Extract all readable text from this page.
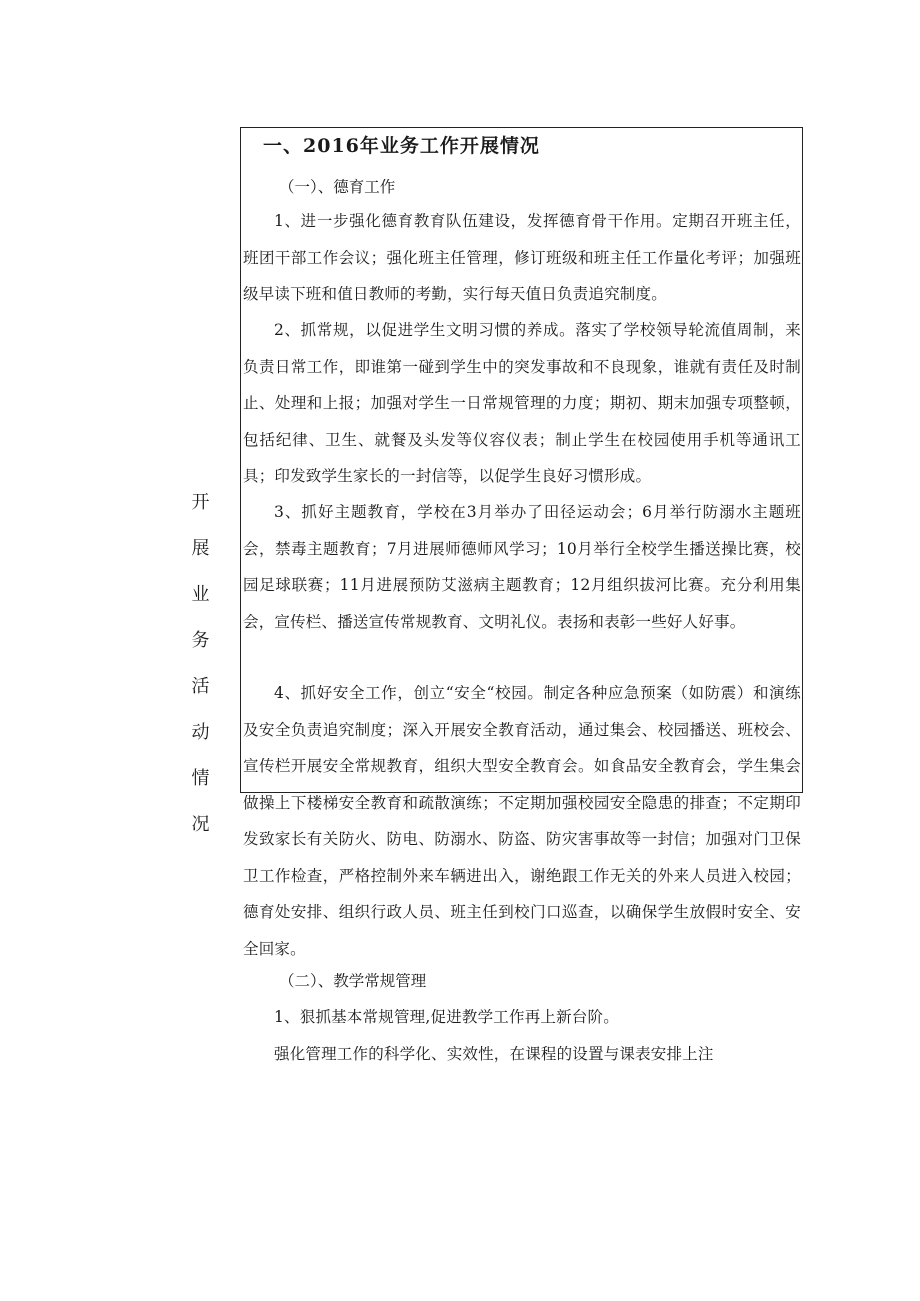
开
展
业
务
活
动
情
况
一、2016年业务工作开展情况
（一）、德育工作
1、进一步强化德育教育队伍建设，发挥德育骨干作用。定期召开班主任，班团干部工作会议；强化班主任管理，修订班级和班主任工作量化考评；加强班级早读下班和值日教师的考勤，实行每天值日负责追究制度。
2、抓常规，以促进学生文明习惯的养成。落实了学校领导轮流值周制，来负责日常工作，即谁第一碰到学生中的突发事故和不良现象，谁就有责任及时制止、处理和上报；加强对学生一日常规管理的力度；期初、期末加强专项整顿，包括纪律、卫生、就餐及头发等仪容仪表；制止学生在校园使用手机等通讯工具；印发致学生家长的一封信等，以促学生良好习惯形成。
3、抓好主题教育，学校在3月举办了田径运动会；6月举行防溺水主题班会，禁毒主题教育；7月进展师德师风学习；10月举行全校学生播送操比赛，校园足球联赛；11月进展预防艾滋病主题教育；12月组织拔河比赛。充分利用集会，宣传栏、播送宣传常规教育、文明礼仪。表扬和表彰一些好人好事。
4、抓好安全工作，创立“安全“校园。制定各种应急预案（如防震）和演练及安全负责追究制度；深入开展安全教育活动，通过集会、校园播送、班校会、宣传栏开展安全常规教育，组织大型安全教育会。如食品安全教育会，学生集会做操上下楼梯安全教育和疏散演练；不定期加强校园安全隐患的排查；不定期印发致家长有关防火、防电、防溺水、防盗、防灾害事故等一封信；加强对门卫保卫工作检查，严格控制外来车辆进出入，谢绝跟工作无关的外来人员进入校园；德育处安排、组织行政人员、班主任到校门口巡查，以确保学生放假时安全、安全回家。
（二）、教学常规管理
1、狠抓基本常规管理,促进教学工作再上新台阶。
强化管理工作的科学化、实效性，在课程的设置与课表安排上注
